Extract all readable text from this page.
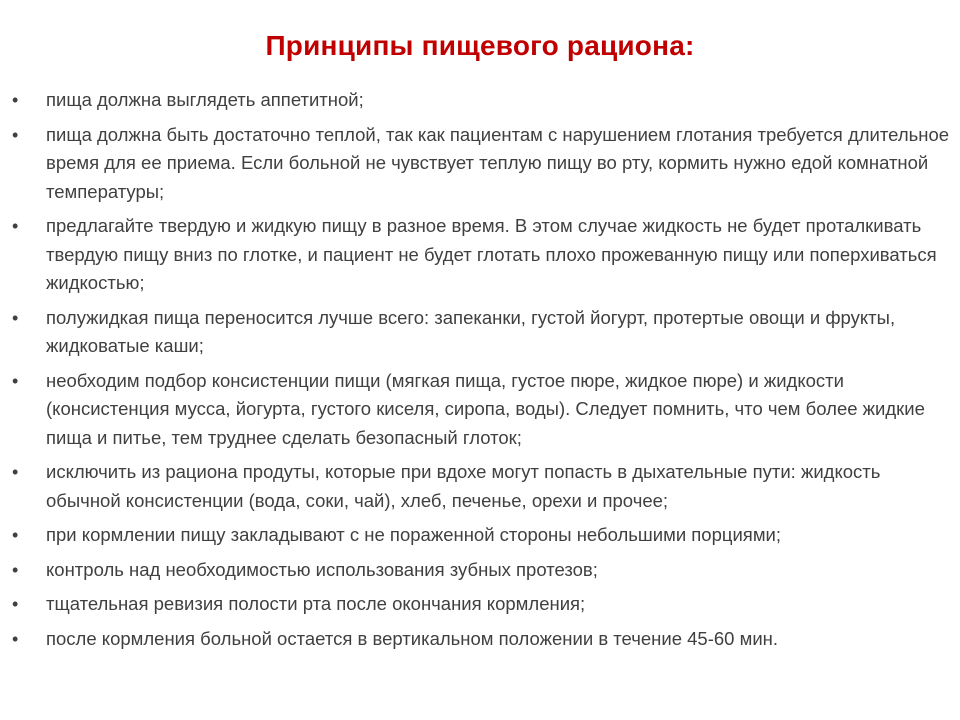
Принципы пищевого рациона:
• пища должна выглядеть аппетитной;
• пища должна быть достаточно теплой, так как пациентам с нарушением глотания требуется длительное время для ее приема. Если больной не чувствует теплую пищу во рту, кормить нужно едой комнатной температуры;
• предлагайте твердую и жидкую пищу в разное время. В этом случае жидкость не будет проталкивать твердую пищу вниз по глотке, и пациент не будет глотать плохо прожеванную пищу или поперхиваться жидкостью;
• полужидкая пища переносится лучше всего: запеканки, густой йогурт, протертые овощи и фрукты, жидковатые каши;
• необходим подбор консистенции пищи (мягкая пища, густое пюре, жидкое пюре) и жидкости (консистенция мусса, йогурта, густого киселя, сиропа, воды). Следует помнить, что чем более жидкие пища и питье, тем труднее сделать безопасный глоток;
• исключить из рациона продуты, которые при вдохе могут попасть в дыхательные пути: жидкость обычной консистенции (вода, соки, чай), хлеб, печенье, орехи и прочее;
• при кормлении пищу закладывают с не пораженной стороны небольшими порциями;
• контроль над необходимостью использования зубных протезов;
• тщательная ревизия полости рта после окончания кормления;
• после кормления больной остается в вертикальном положении в течение 45-60 мин.
